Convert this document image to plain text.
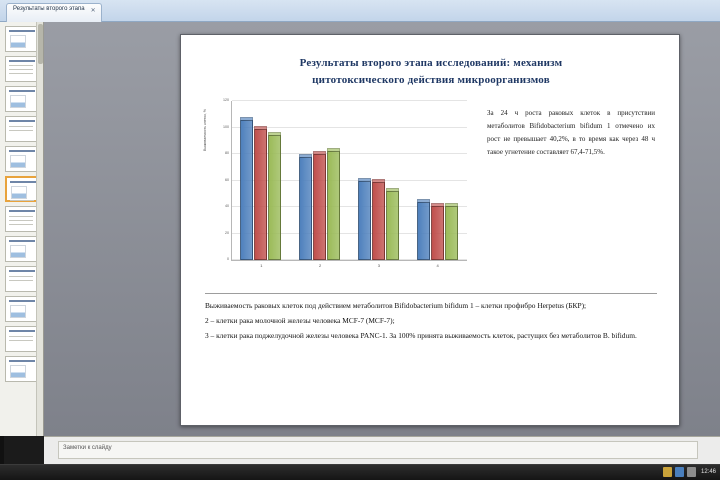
Результаты второго этапа ✕
Результаты второго этапа исследований: механизм
цитотоксического действия микроорганизмов
Выживаемость клеток, %
0
20
40
60
80
100
120
1	2	3	4
За 24 ч роста раковых клеток в присутствии метаболитов Bifidobacterium bifidum 1 отмечено их рост не превышает 40,2%, в то время как через 48 ч такое угнетение составляет 67,4-71,5%.

Выживаемость раковых клеток под действием метаболитов Bifidobacterium bifidum 1 – клетки профибро Herpetus (БКР);

2 – клетки рака молочной железы человека MCF-7 (MCF-7);

3 – клетки рака поджелудочной железы человека PANC-1. За 100% принята выживаемость клеток, растущих без метаболитов B. bifidum.

Заметки к слайду
12:46
